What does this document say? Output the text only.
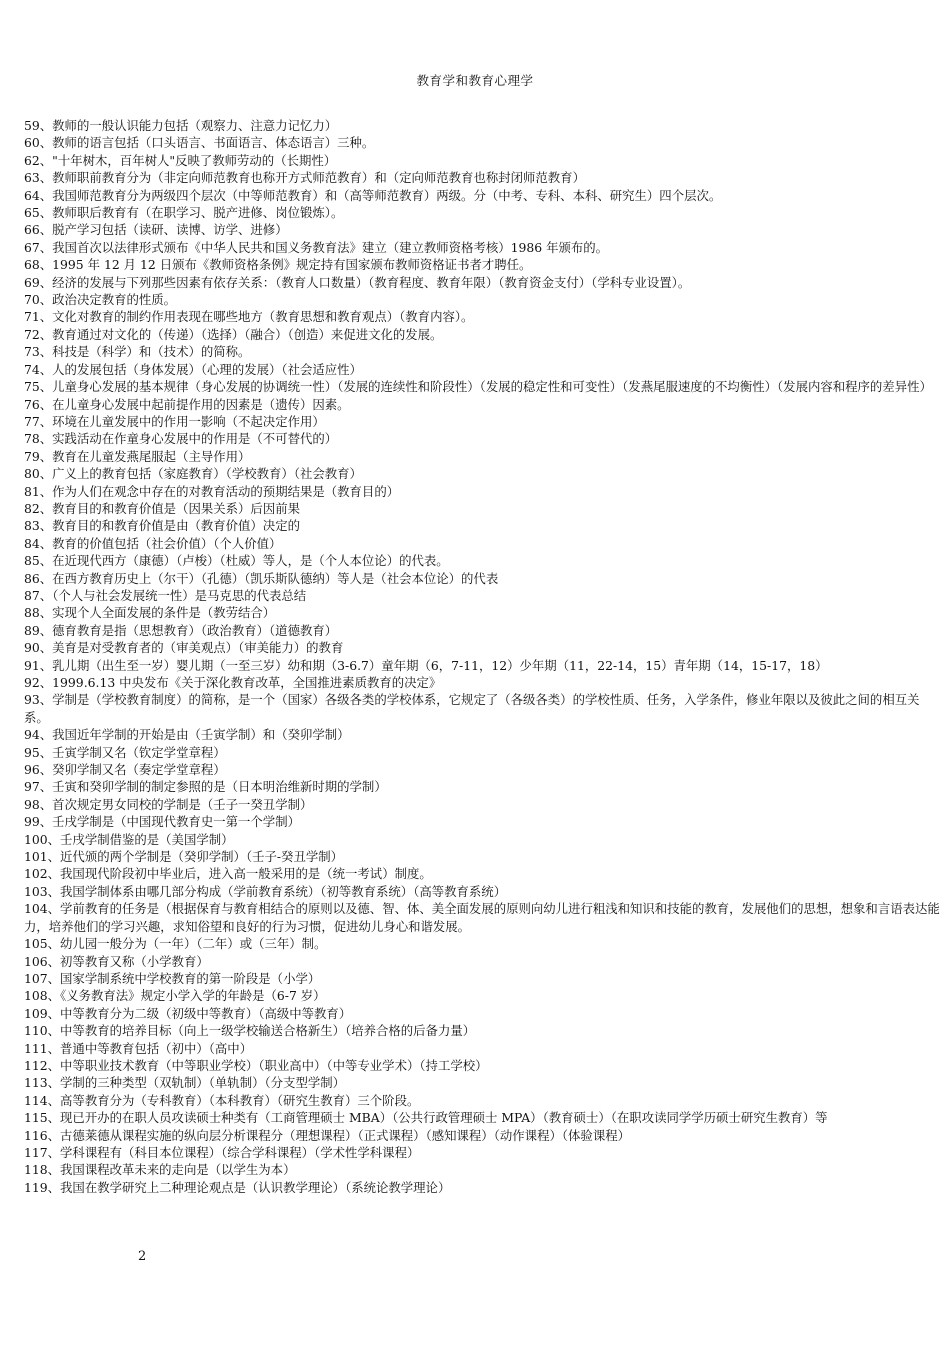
教育学和教育心理学
59、教师的一般认识能力包括（观察力、注意力记忆力）
60、教师的语言包括（口头语言、书面语言、体态语言）三种。
62、"十年树木，百年树人"反映了教师劳动的（长期性）
63、教师职前教育分为（非定向师范教育也称开方式师范教育）和（定向师范教育也称封闭师范教育）
64、我国师范教育分为两级四个层次（中等师范教育）和（高等师范教育）两级。分（中考、专科、本科、研究生）四个层次。
65、教师职后教育有（在职学习、脱产进修、岗位锻炼）。
66、脱产学习包括（读研、读博、访学、进修）
67、我国首次以法律形式颁布《中华人民共和国义务教育法》建立（建立教师资格考核）1986 年颁布的。
68、1995 年 12 月 12 日颁布《教师资格条例》规定持有国家颁布教师资格证书者才聘任。
69、经济的发展与下列那些因素有依存关系：（教育人口数量）（教育程度、教育年限）（教育资金支付）（学科专业设置）。
70、政治决定教育的性质。
71、文化对教育的制约作用表现在哪些地方（教育思想和教育观点）（教育内容）。
72、教育通过对文化的（传递）（选择）（融合）（创造）来促进文化的发展。
73、科技是（科学）和（技术）的简称。
74、人的发展包括（身体发展）（心理的发展）（社会适应性）
75、儿童身心发展的基本规律（身心发展的协调统一性）（发展的连续性和阶段性）（发展的稳定性和可变性）（发燕尾服速度的不均衡性）（发展内容和程序的差异性）
76、在儿童身心发展中起前提作用的因素是（遗传）因素。
77、环境在儿童发展中的作用一影响（不起决定作用）
78、实践活动在作童身心发展中的作用是（不可替代的）
79、教育在儿童发燕尾服起（主导作用）
80、广义上的教育包括（家庭教育）（学校教育）（社会教育）
81、作为人们在观念中存在的对教育活动的预期结果是（教育目的）
82、教育目的和教育价值是（因果关系）后因前果
83、教育目的和教育价值是由（教育价值）决定的
84、教育的价值包括（社会价值）（个人价值）
85、在近现代西方（康德）（卢梭）（杜威）等人，是（个人本位论）的代表。
86、在西方教育历史上（尔干）（孔德）（凯乐斯队德纳）等人是（社会本位论）的代表
87、（个人与社会发展统一性）是马克思的代表总结
88、实现个人全面发展的条件是（教劳结合）
89、德育教育是指（思想教育）（政治教育）（道德教育）
90、美育是对受教育者的（审美观点）（审美能力）的教育
91、乳儿期（出生至一岁）婴儿期（一至三岁）幼和期（3-6.7）童年期（6，7-11，12）少年期（11，22-14，15）青年期（14，15-17，18）
92、1999.6.13 中央发布《关于深化教育改革，全国推进素质教育的决定》
93、学制是（学校教育制度）的简称，是一个（国家）各级各类的学校体系，它规定了（各级各类）的学校性质、任务，入学条件，修业年限以及彼此之间的相互关系。
94、我国近年学制的开始是由（壬寅学制）和（癸卯学制）
95、壬寅学制又名（钦定学堂章程）
96、癸卯学制又名（奏定学堂章程）
97、壬寅和癸卯学制的制定参照的是（日本明治维新时期的学制）
98、首次规定男女同校的学制是（壬子一癸丑学制）
99、壬戌学制是（中国现代教育史一第一个学制）
100、壬戌学制借鉴的是（美国学制）
101、近代颁的两个学制是（癸卯学制）（壬子-癸丑学制）
102、我国现代阶段初中毕业后，进入高一般采用的是（统一考试）制度。
103、我国学制体系由哪几部分构成（学前教育系统）（初等教育系统）（高等教育系统）
104、学前教育的任务是（根据保育与教育相结合的原则以及德、智、体、美全面发展的原则向幼儿进行粗浅和知识和技能的教育，发展他们的思想，想象和言语表达能力，培养他们的学习兴趣，求知俗望和良好的行为习惯，促进幼儿身心和谐发展。
105、幼儿园一般分为（一年）（二年）或（三年）制。
106、初等教育又称（小学教育）
107、国家学制系统中学校教育的第一阶段是（小学）
108、《义务教育法》规定小学入学的年龄是（6-7 岁）
109、中等教育分为二级（初级中等教育）（高级中等教育）
110、中等教育的培养目标（向上一级学校输送合格新生）（培养合格的后备力量）
111、普通中等教育包括（初中）（高中）
112、中等职业技术教育（中等职业学校）（职业高中）（中等专业学术）（持工学校）
113、学制的三种类型（双轨制）（单轨制）（分支型学制）
114、高等教育分为（专科教育）（本科教育）（研究生教育）三个阶段。
115、现已开办的在职人员攻读硕士种类有（工商管理硕士 MBA）（公共行政管理硕士 MPA）（教育硕士）（在职攻读同学学历硕士研究生教育）等
116、古德莱德从课程实施的纵向层分析课程分（理想课程）（正式课程）（感知课程）（动作课程）（体验课程）
117、学科课程有（科目本位课程）（综合学科课程）（学术性学科课程）
118、我国课程改革未来的走向是（以学生为本）
119、我国在教学研究上二种理论观点是（认识教学理论）（系统论教学理论）
2
